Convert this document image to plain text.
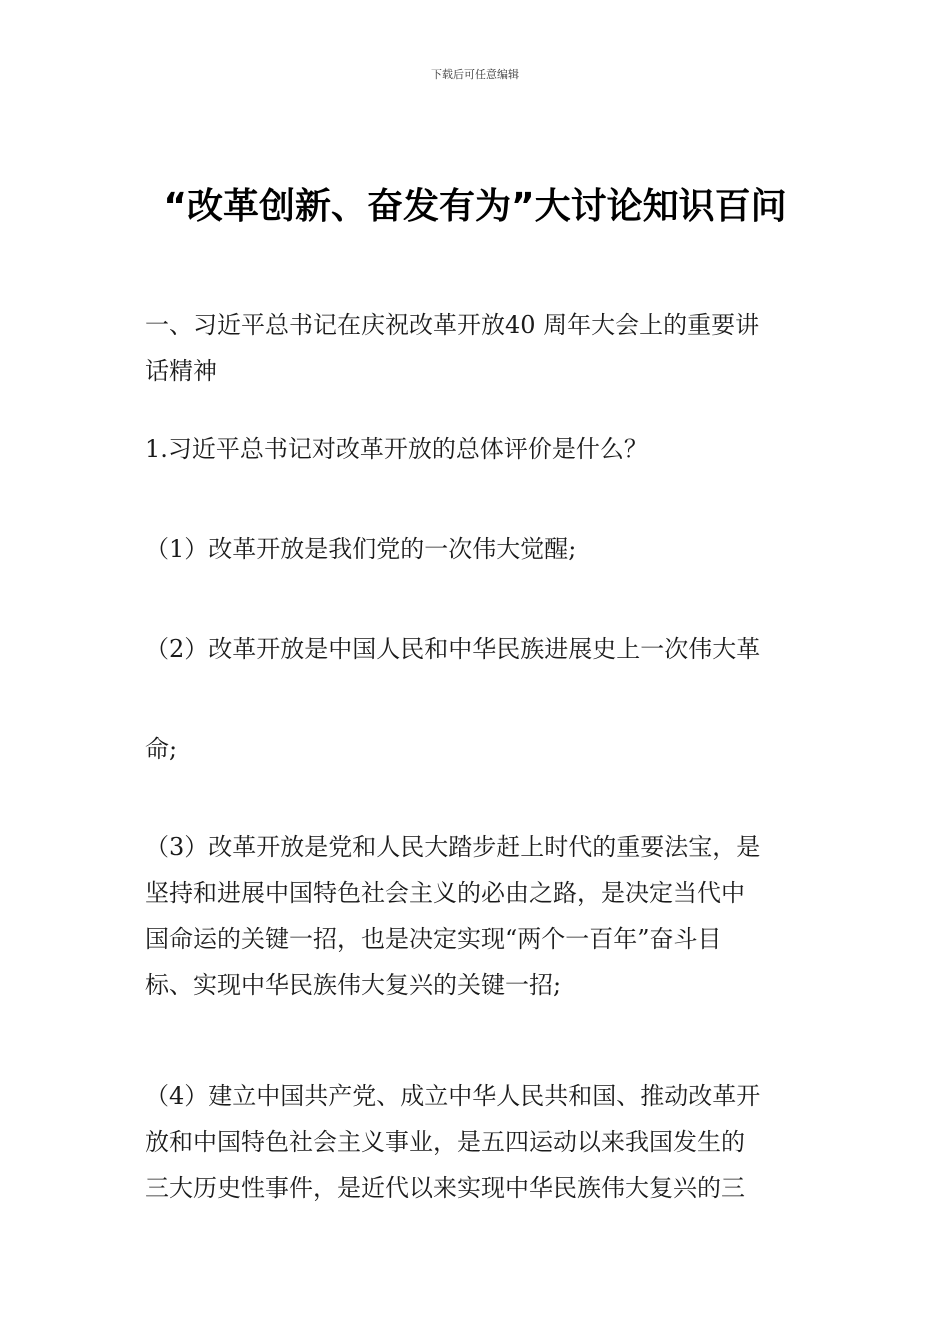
下载后可任意编辑
“改革创新、奋发有为”大讨论知识百问
一、习近平总书记在庆祝改革开放40 周年大会上的重要讲
话精神
1.习近平总书记对改革开放的总体评价是什么？
（1）改革开放是我们党的一次伟大觉醒;
（2）改革开放是中国人民和中华民族进展史上一次伟大革
命;
（3）改革开放是党和人民大踏步赶上时代的重要法宝，是
坚持和进展中国特色社会主义的必由之路，是决定当代中
国命运的关键一招，也是决定实现“两个一百年”奋斗目
标、实现中华民族伟大复兴的关键一招;
（4）建立中国共产党、成立中华人民共和国、推动改革开
放和中国特色社会主义事业，是五四运动以来我国发生的
三大历史性事件，是近代以来实现中华民族伟大复兴的三
